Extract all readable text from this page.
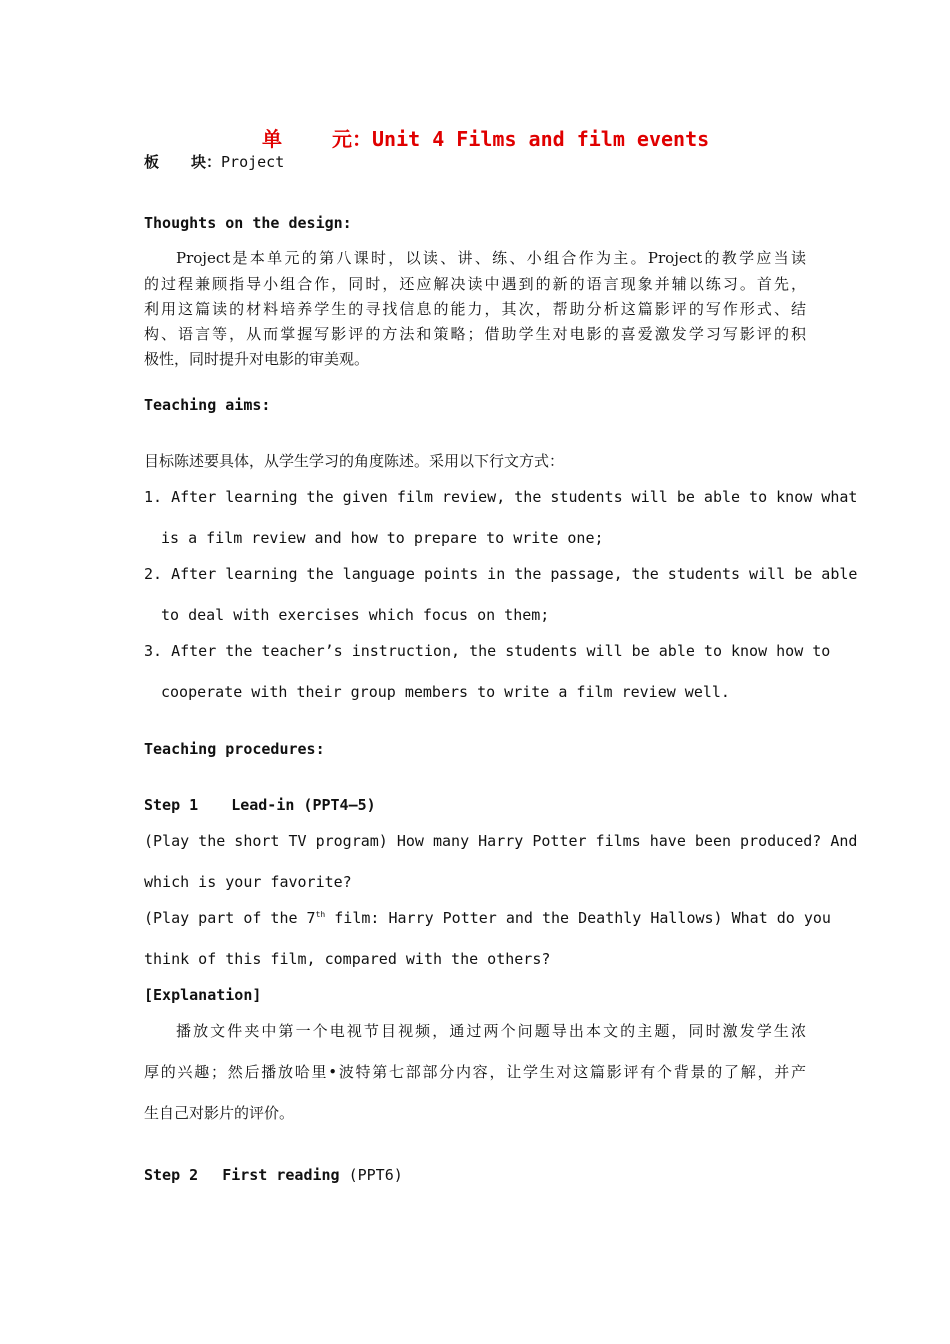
单	元：Unit 4 Films and film events
板 块：Project
Thoughts on the design:
Project是本单元的第八课时，以读、讲、练、小组合作为主。Project的教学应当读
的过程兼顾指导小组合作，同时，还应解决读中遇到的新的语言现象并辅以练习。首先，
利用这篇读的材料培养学生的寻找信息的能力，其次，帮助分析这篇影评的写作形式、结
构、语言等，从而掌握写影评的方法和策略；借助学生对电影的喜爱激发学习写影评的积
极性，同时提升对电影的审美观。
Teaching aims:
目标陈述要具体，从学生学习的角度陈述。采用以下行文方式：
1. After learning the given film review, the students will be able to know what
is a film review and how to prepare to write one;
2. After learning the language points in the passage, the students will be able
to deal with exercises which focus on them;
3. After the teacher’s instruction, the students will be able to know how to
cooperate with their group members to write a film review well.
Teaching procedures:
Step 1 Lead-in (PPT4—5)
(Play the short TV program) How many Harry Potter films have been produced? And
which is your favorite?
(Play part of the 7th film: Harry Potter and the Deathly Hallows) What do you
think of this film, compared with the others?
[Explanation]
播放文件夹中第一个电视节目视频，通过两个问题导出本文的主题，同时激发学生浓
厚的兴趣；然后播放哈里•波特第七部部分内容，让学生对这篇影评有个背景的了解，并产
生自己对影片的评价。
Step 2 First reading (PPT6)
